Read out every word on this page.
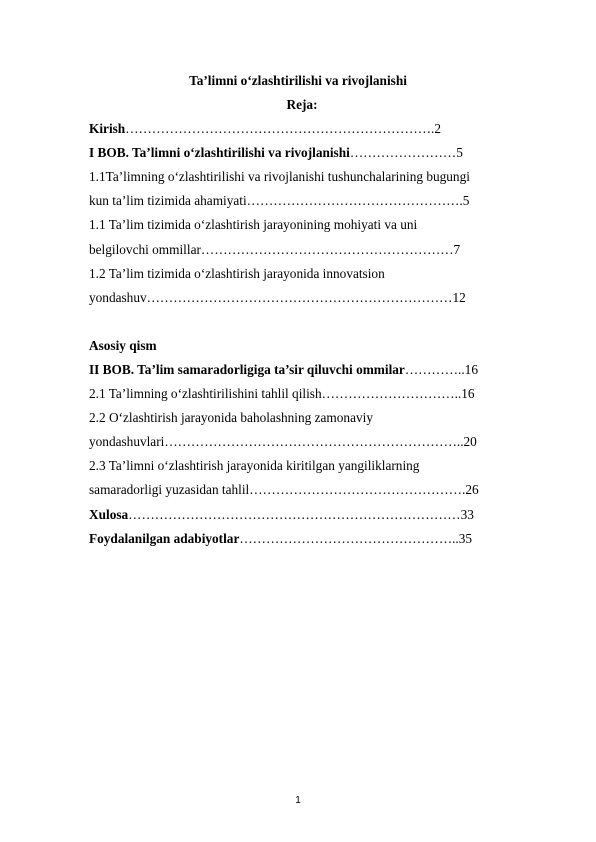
Ta’limni o‘zlashtirilishi va rivojlanishi
Reja:
Kirish…………………………………………………………….2
I BOB. Ta’limni o‘zlashtirilishi va rivojlanishi……………………5
1.1Ta’limning o‘zlashtirilishi va rivojlanishi tushunchalarining bugungi
kun ta’lim tizimida ahamiyati………………………………………….5
1.1 Ta’lim tizimida o‘zlashtirish jarayonining mohiyati va uni
belgilovchi ommillar…………………………………………………7
1.2 Ta’lim tizimida o‘zlashtirish jarayonida innovatsion
yondashuv……………………………………………………………12
Asosiy qism
II BOB. Ta’lim samaradorligiga ta’sir qiluvchi ommilar…………..16
2.1 Ta’limning o‘zlashtirilishini tahlil qilish…………………………..16
2.2 O‘zlashtirish jarayonida baholashning zamonaviy
yondashuvlari…………………………………………………………..20
2.3 Ta’limni o‘zlashtirish jarayonida kiritilgan yangiliklarning
samaradorligi yuzasidan tahlil………………………………………….26
Xulosa…………………………………………………………………33
Foydalanilgan adabiyotlar…………………………………………..35
1
